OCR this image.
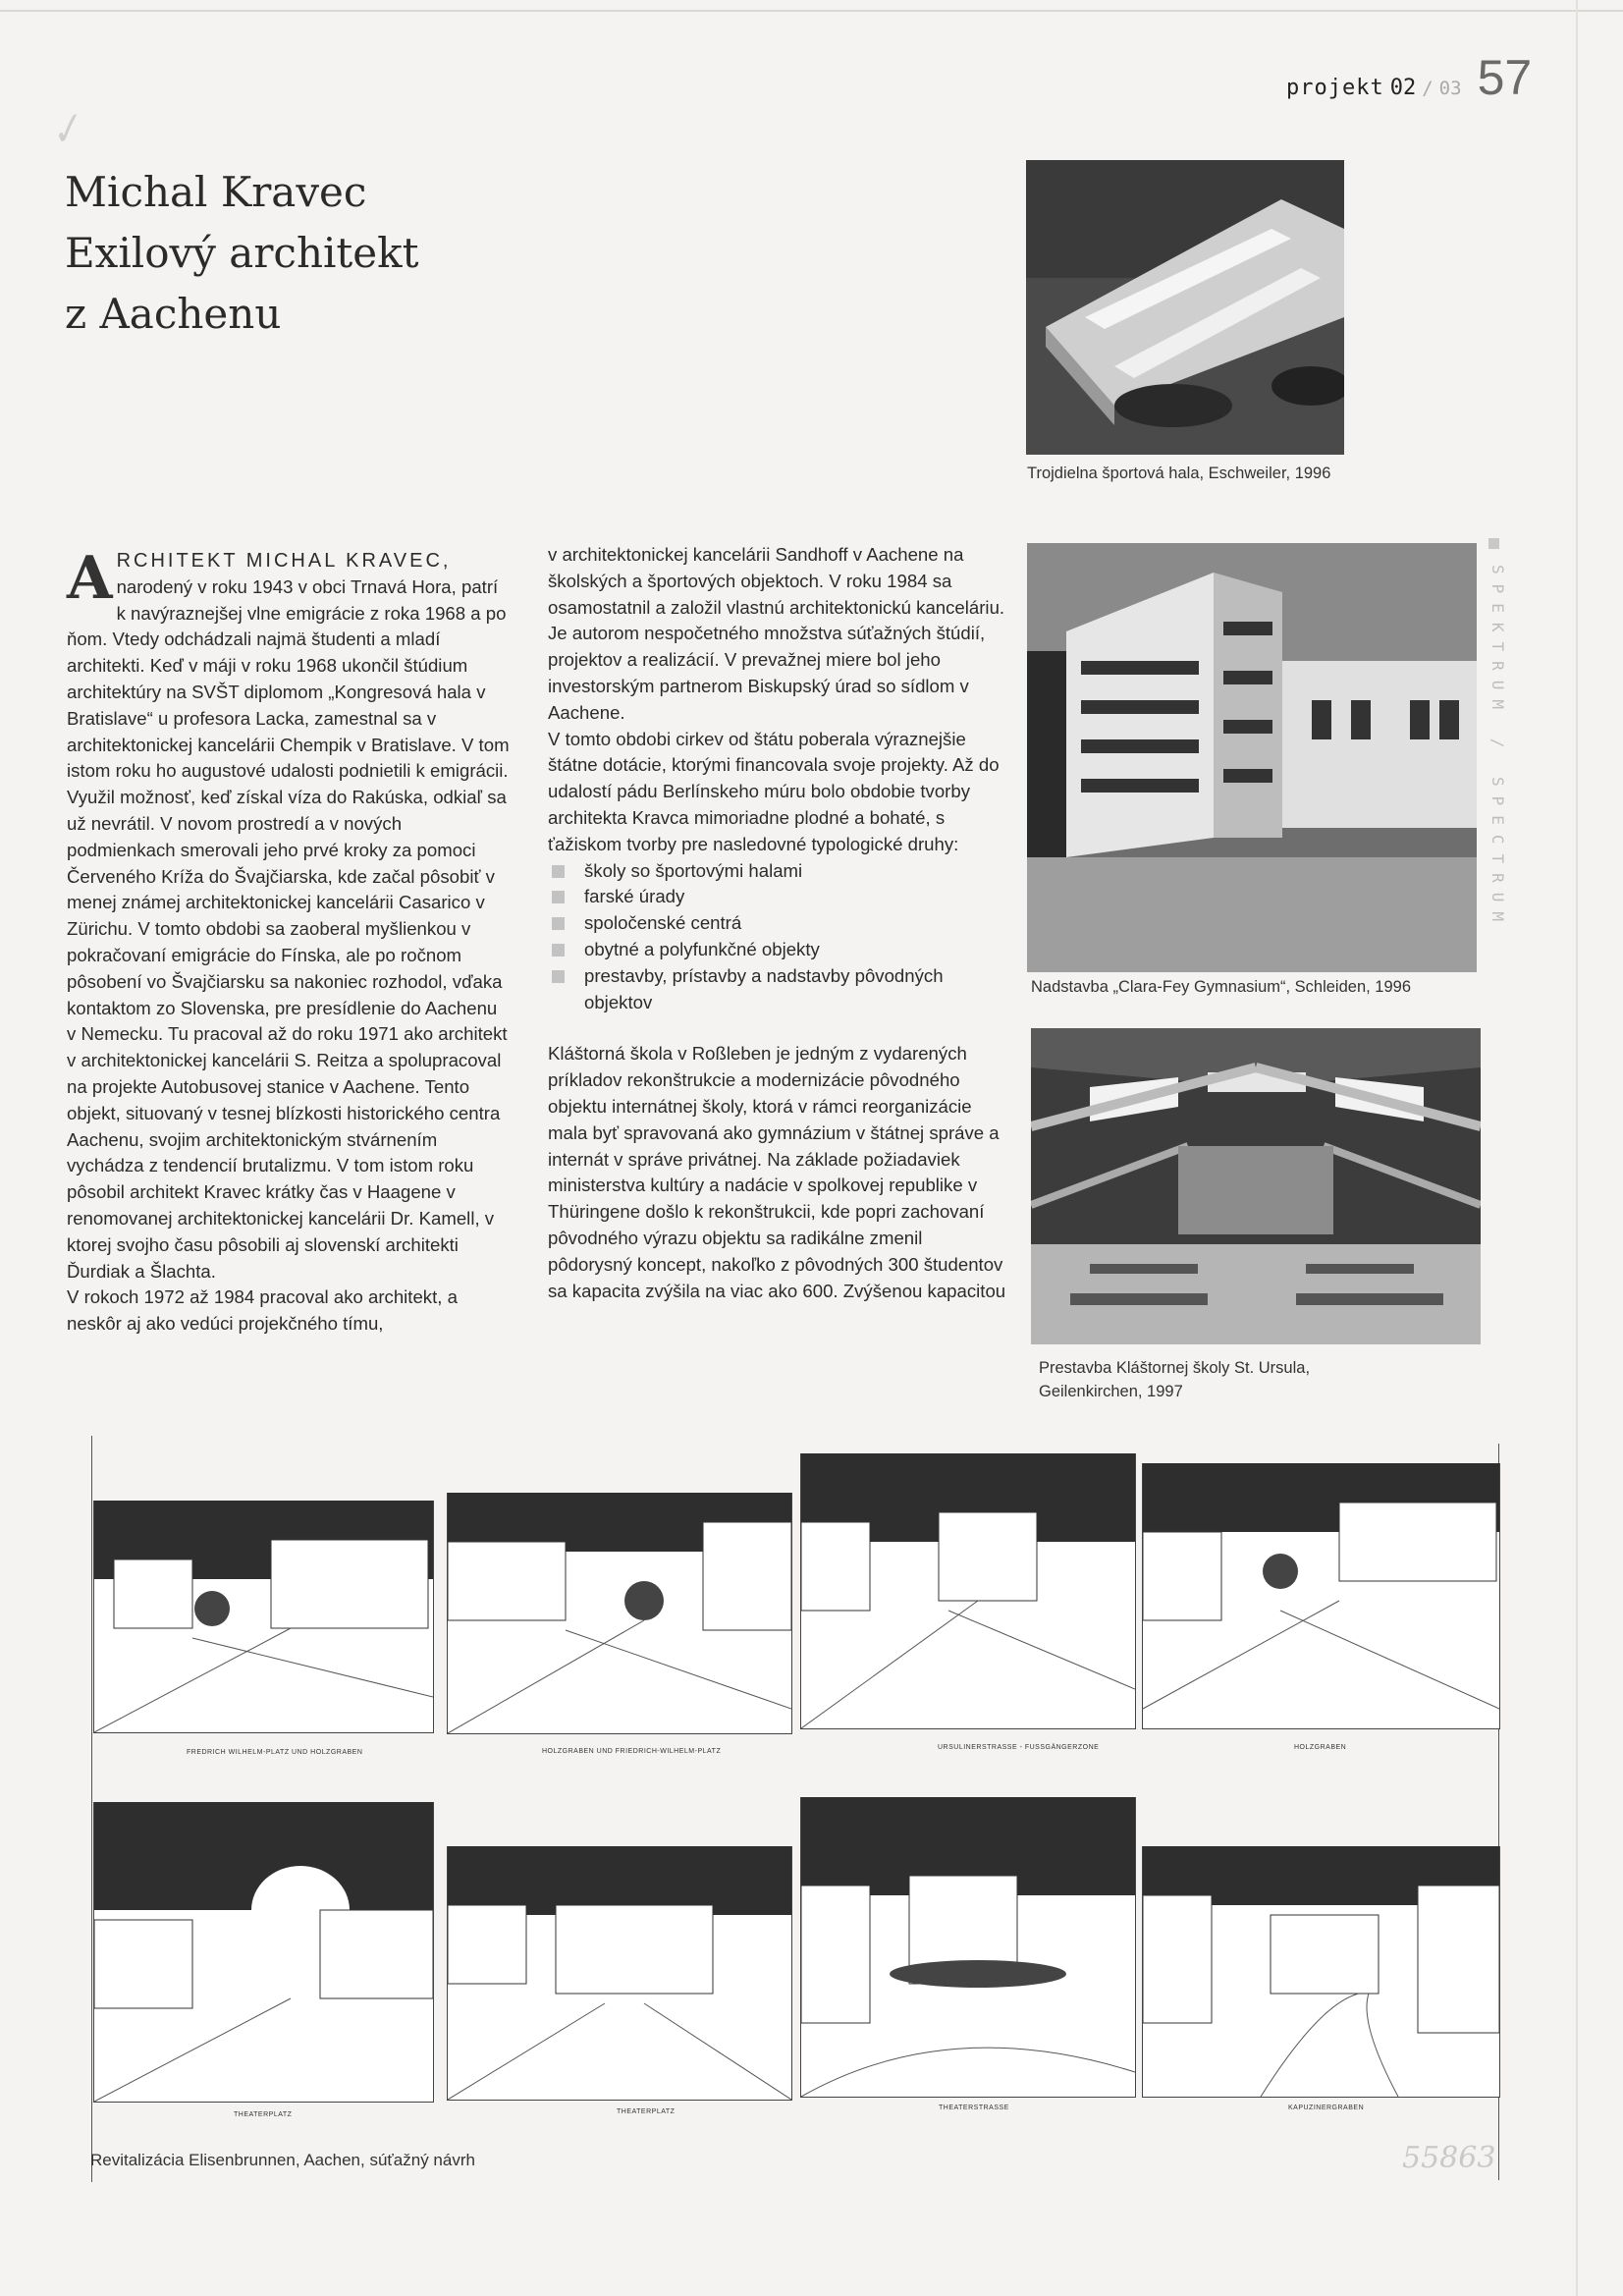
✓
projekt 02 / 03 57
Michal Kravec
Exilový architekt
z Aachenu
Trojdielna športová hala, Eschweiler, 1996

A RCHITEKT MICHAL KRAVEC, narodený v roku 1943 v obci Trnavá Hora, patrí k navýraznejšej vlne emigrácie z roka 1968 a po ňom. Vtedy odchádzali najmä študenti a mladí architekti. Keď v máji v roku 1968 ukončil štúdium architektúry na SVŠT diplomom „Kongresová hala v Bratislave“ u profesora Lacka, zamestnal sa v architektonickej kancelárii Chempik v Bratislave. V tom istom roku ho augustové udalosti podnietili k emigrácii. Využil možnosť, keď získal víza do Rakúska, odkiaľ sa už nevrátil. V novom prostredí a v nových podmienkach smerovali jeho prvé kroky za pomoci Červeného Kríža do Švajčiarska, kde začal pôsobiť v menej známej architektonickej kancelárii Casarico v Zürichu. V tomto obdobi sa zaoberal myšlienkou v pokračovaní emigrácie do Fínska, ale po ročnom pôsobení vo Švajčiarsku sa nakoniec rozhodol, vďaka kontaktom zo Slovenska, pre presídlenie do Aachenu v Nemecku. Tu pracoval až do roku 1971 ako architekt v architektonickej kancelárii S. Reitza a spolupracoval na projekte Autobusovej stanice v Aachene. Tento objekt, situovaný v tesnej blízkosti historického centra Aachenu, svojim architektonickým stvárnením vychádza z tendencií brutalizmu. V tom istom roku pôsobil architekt Kravec krátky čas v Haagene v renomovanej architektonickej kancelárii Dr. Kamell, v ktorej svojho času pôsobili aj slovenskí architekti Ďurdiak a Šlachta.

V rokoch 1972 až 1984 pracoval ako architekt, a neskôr aj ako vedúci projekčného tímu,

v architektonickej kancelárii Sandhoff v Aachene na školských a športových objektoch. V roku 1984 sa osamostatnil a založil vlastnú architektonickú kanceláriu. Je autorom nespočetného množstva súťažných štúdií, projektov a realizácií. V prevažnej miere bol jeho investorským partnerom Biskupský úrad so sídlom v Aachene.

V tomto obdobi cirkev od štátu poberala výraznejšie štátne dotácie, ktorými financovala svoje projekty. Až do udalostí pádu Berlínskeho múru bolo obdobie tvorby architekta Kravca mimoriadne plodné a bohaté, s ťažiskom tvorby pre nasledovné typologické druhy:

školy so športovými halami
farské úrady
spoločenské centrá
obytné a polyfunkčné objekty
prestavby, prístavby a nadstavby pôvodných objektov

Kláštorná škola v Roßleben je jedným z vydarených príkladov rekonštrukcie a modernizácie pôvodného objektu internátnej školy, ktorá v rámci reorganizácie mala byť spravovaná ako gymnázium v štátnej správe a internát v správe privátnej. Na základe požiadaviek ministerstva kultúry a nadácie v spolkovej republike v Thüringene došlo k rekonštrukcii, kde popri zachovaní pôvodného výrazu objektu sa radikálne zmenil pôdorysný koncept, nakoľko z pôvodných 300 študentov sa kapacita zvýšila na viac ako 600. Zvýšenou kapacitou

Nadstavba „Clara-Fey Gymnasium“, Schleiden, 1996
SPEKTRUM / SPECTRUM
Prestavba Kláštornej školy St. Ursula,
Geilenkirchen, 1997
FREDRICH WILHELM-PLATZ UND HOLZGRABEN	HOLZGRABEN UND FRIEDRICH-WILHELM-PLATZ
URSULINERSTRASSE - FUSSGÄNGERZONE	HOLZGRABEN
THEATERPLATZ	THEATERPLATZ
THEATERSTRASSE	KAPUZINERGRABEN
Revitalizácia Elisenbrunnen, Aachen, súťažný návrh	55863
